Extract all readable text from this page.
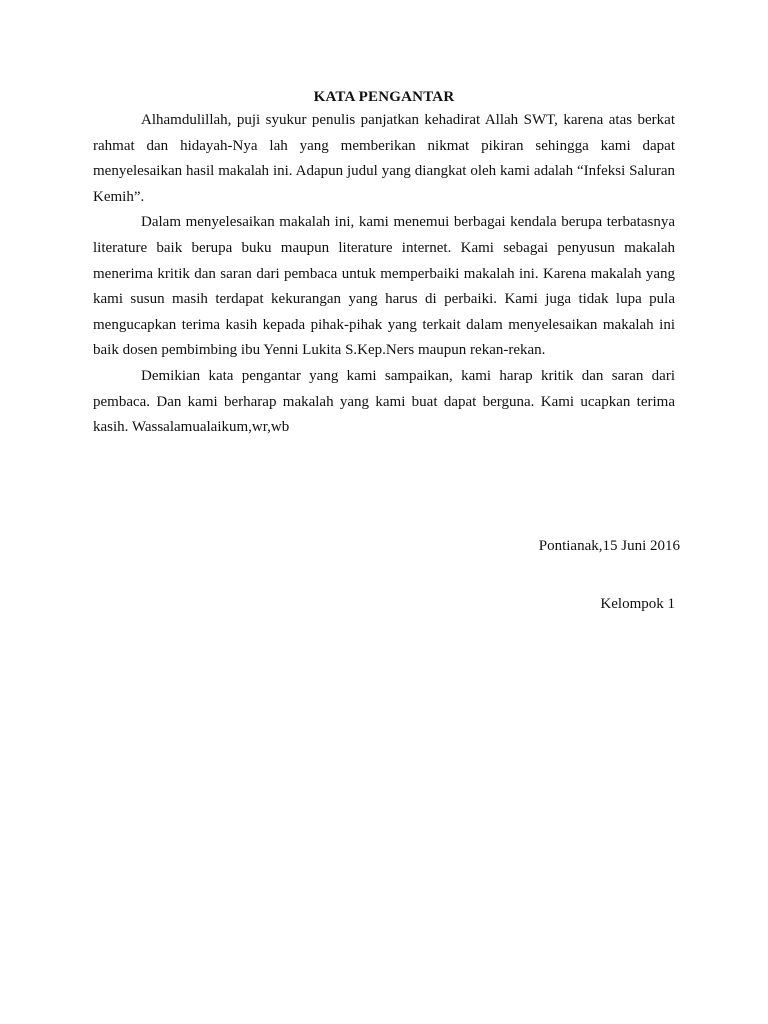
KATA PENGANTAR

Alhamdulillah, puji syukur penulis panjatkan kehadirat Allah SWT, karena atas berkat rahmat dan hidayah-Nya lah yang memberikan nikmat pikiran sehingga kami dapat menyelesaikan hasil makalah ini. Adapun judul yang diangkat oleh kami adalah “Infeksi Saluran Kemih”.

Dalam menyelesaikan makalah ini, kami menemui berbagai kendala berupa terbatasnya literature baik berupa buku maupun literature internet. Kami sebagai penyusun makalah menerima kritik dan saran dari pembaca untuk memperbaiki makalah ini. Karena makalah yang kami susun masih terdapat kekurangan yang harus di perbaiki. Kami juga tidak lupa pula mengucapkan terima kasih kepada pihak-pihak yang terkait dalam menyelesaikan makalah ini baik dosen pembimbing ibu Yenni Lukita S.Kep.Ners maupun rekan-rekan.

Demikian kata pengantar yang kami sampaikan, kami harap kritik dan saran dari pembaca. Dan kami berharap makalah yang kami buat dapat berguna. Kami ucapkan terima kasih. Wassalamualaikum,wr,wb

Pontianak,15 Juni 2016
Kelompok 1
